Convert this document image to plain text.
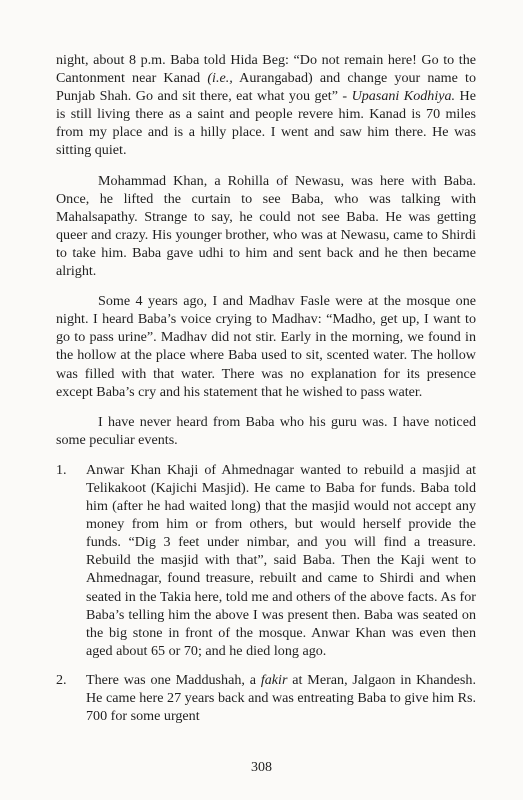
night, about 8 p.m. Baba told Hida Beg: “Do not remain here! Go to the Cantonment near Kanad (i.e., Aurangabad) and change your name to Punjab Shah. Go and sit there, eat what you get” - Upasani Kodhiya. He is still living there as a saint and people revere him. Kanad is 70 miles from my place and is a hilly place. I went and saw him there. He was sitting quiet.

Mohammad Khan, a Rohilla of Newasu, was here with Baba. Once, he lifted the curtain to see Baba, who was talking with Mahalsapathy. Strange to say, he could not see Baba. He was getting queer and crazy. His younger brother, who was at Newasu, came to Shirdi to take him. Baba gave udhi to him and sent back and he then became alright.

Some 4 years ago, I and Madhav Fasle were at the mosque one night. I heard Baba’s voice crying to Madhav: “Madho, get up, I want to go to pass urine”. Madhav did not stir. Early in the morning, we found in the hollow at the place where Baba used to sit, scented water. The hollow was filled with that water. There was no explanation for its presence except Baba’s cry and his statement that he wished to pass water.

I have never heard from Baba who his guru was. I have noticed some peculiar events.

1.	Anwar Khan Khaji of Ahmednagar wanted to rebuild a masjid at Telikakoot (Kajichi Masjid). He came to Baba for funds. Baba told him (after he had waited long) that the masjid would not accept any money from him or from others, but would herself provide the funds. “Dig 3 feet under nimbar, and you will find a treasure. Rebuild the masjid with that”, said Baba. Then the Kaji went to Ahmednagar, found treasure, rebuilt and came to Shirdi and when seated in the Takia here, told me and others of the above facts. As for Baba’s telling him the above I was present then. Baba was seated on the big stone in front of the mosque. Anwar Khan was even then aged about 65 or 70; and he died long ago.
2.	There was one Maddushah, a fakir at Meran, Jalgaon in Khandesh. He came here 27 years back and was entreating Baba to give him Rs. 700 for some urgent
308
